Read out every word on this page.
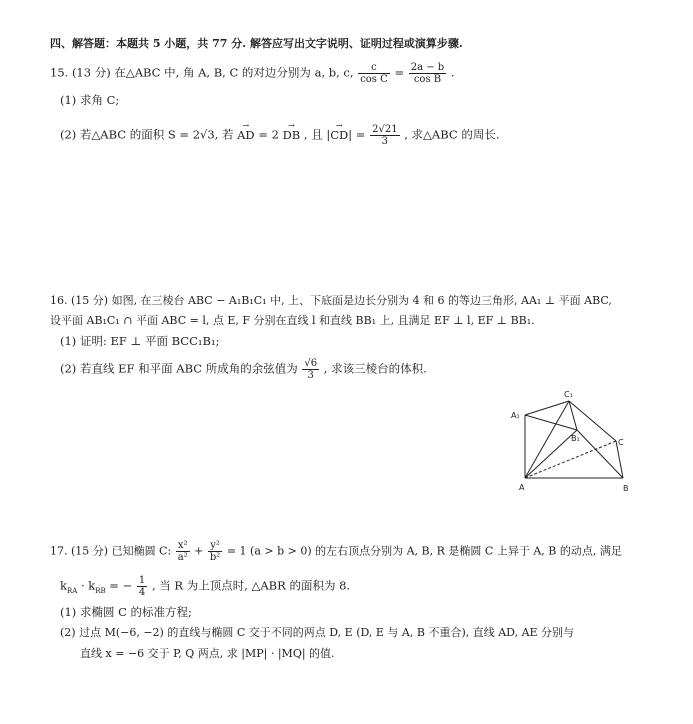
四、解答题：本题共 5 小题，共 77 分. 解答应写出文字说明、证明过程或演算步骤.
15. (13 分) 在△ABC 中, 角 A, B, C 的对边分别为 a, b, c, $\frac{c}{\text{cos C}} = \frac{2a - b}{\text{cos B}}$ .
(1) 求角 C;
(2) 若△ABC 的面积 S = 2√3, 若 → AD = 2 → DB , 且 |→ $CD| = \frac{2√21}{3}$ , 求△ABC 的周长.
16. (15 分) 如图, 在三棱台 ABC − A₁B₁C₁ 中, 上、下底面是边长分别为 4 和 6 的等边三角形, AA₁ ⊥ 平面 ABC,
设平面 AB₁C₁ ∩ 平面 ABC = l, 点 E, F 分别在直线 l 和直线 BB₁ 上, 且满足 EF ⊥ l, EF ⊥ BB₁.
(1) 证明: EF ⊥ 平面 BCC₁B₁;
(2) 若直线 EF 和平面 ABC 所成角的余弦值为 $\frac{√6}{3}$ , 求该三棱台的体积.
A₁
C₁
B₁	C
A	B
17. (15 分) 已知椭圆 C: $\frac{\text{x²}}{\text{a²}} + \frac{\text{y²}}{\text{b²}} = 1$ (a > b > 0) 的左右顶点分别为 A, B, R 是椭圆 C 上异于 A, B 的动点, 满足
$k_{RA} \cdot k_{RB}$ = − $\frac{1}{4}$ , 当 R 为上顶点时, △ABR 的面积为 8.
(1) 求椭圆 C 的标准方程;
(2) 过点 M(−6, −2) 的直线与椭圆 C 交于不同的两点 D, E (D, E 与 A, B 不重合), 直线 AD, AE 分别与
直线 x = −6 交于 P, Q 两点, 求 |MP| · |MQ| 的值.
